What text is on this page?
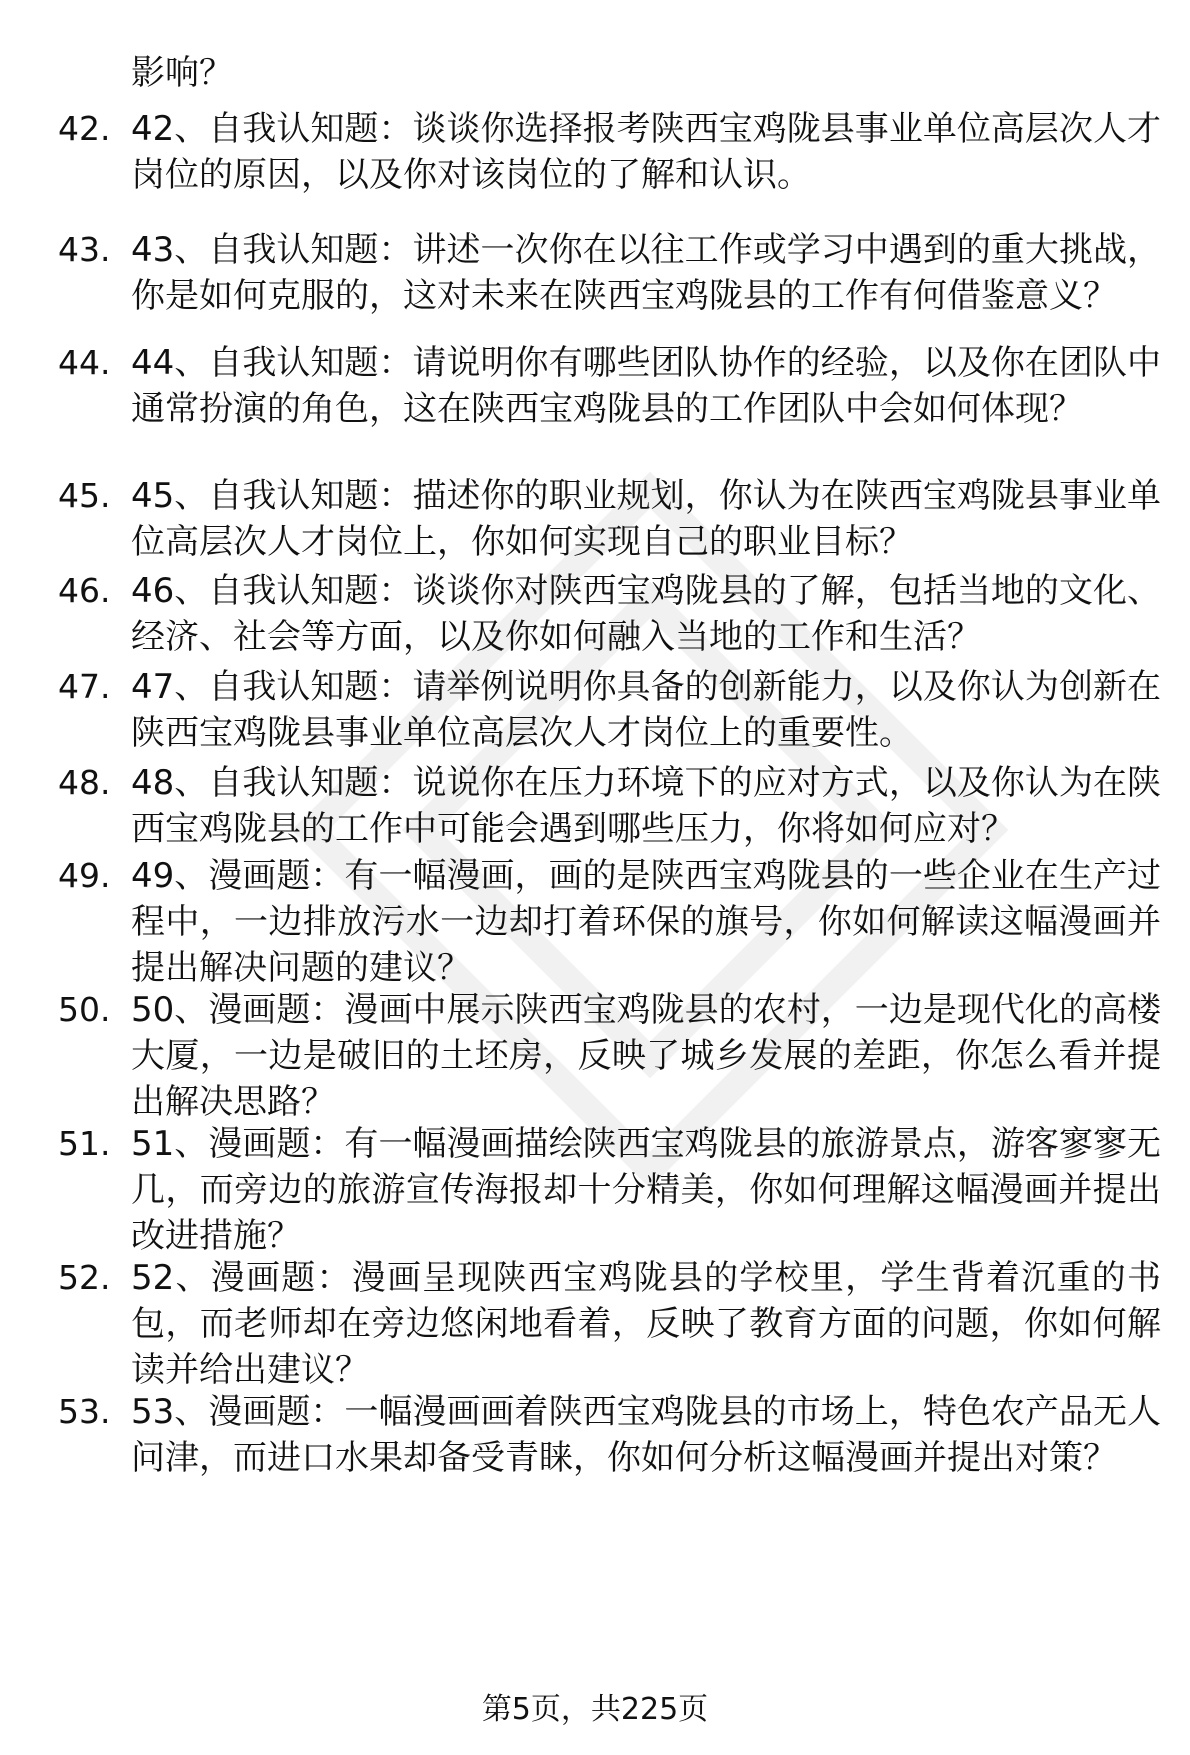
影响？
42. 42、自我认知题：谈谈你选择报考陕西宝鸡陇县事业单位高层次人才岗位的原因，以及你对该岗位的了解和认识。
43. 43、自我认知题：讲述一次你在以往工作或学习中遇到的重大挑战，你是如何克服的，这对未来在陕西宝鸡陇县的工作有何借鉴意义？
44. 44、自我认知题：请说明你有哪些团队协作的经验，以及你在团队中通常扮演的角色，这在陕西宝鸡陇县的工作团队中会如何体现？
45. 45、自我认知题：描述你的职业规划，你认为在陕西宝鸡陇县事业单位高层次人才岗位上，你如何实现自己的职业目标？
46. 46、自我认知题：谈谈你对陕西宝鸡陇县的了解，包括当地的文化、经济、社会等方面，以及你如何融入当地的工作和生活？
47. 47、自我认知题：请举例说明你具备的创新能力，以及你认为创新在陕西宝鸡陇县事业单位高层次人才岗位上的重要性。
48. 48、自我认知题：说说你在压力环境下的应对方式，以及你认为在陕西宝鸡陇县的工作中可能会遇到哪些压力，你将如何应对？
49. 49、漫画题：有一幅漫画，画的是陕西宝鸡陇县的一些企业在生产过程中，一边排放污水一边却打着环保的旗号，你如何解读这幅漫画并提出解决问题的建议？
50. 50、漫画题：漫画中展示陕西宝鸡陇县的农村，一边是现代化的高楼大厦，一边是破旧的土坯房，反映了城乡发展的差距，你怎么看并提出解决思路？
51. 51、漫画题：有一幅漫画描绘陕西宝鸡陇县的旅游景点，游客寥寥无几，而旁边的旅游宣传海报却十分精美，你如何理解这幅漫画并提出改进措施？
52. 52、漫画题：漫画呈现陕西宝鸡陇县的学校里，学生背着沉重的书包，而老师却在旁边悠闲地看着，反映了教育方面的问题，你如何解读并给出建议？
53. 53、漫画题：一幅漫画画着陕西宝鸡陇县的市场上，特色农产品无人问津，而进口水果却备受青睐，你如何分析这幅漫画并提出对策？
第5页，共225页
